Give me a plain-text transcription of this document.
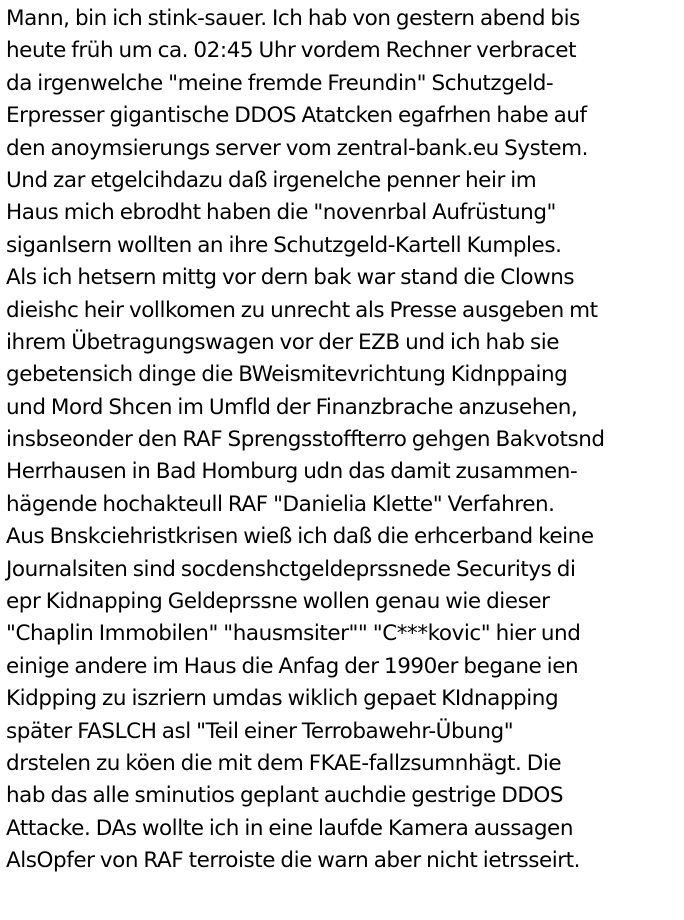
Mann, bin ich stink-sauer. Ich hab von gestern abend bis
heute früh um ca. 02:45 Uhr vordem Rechner verbracet
da irgenwelche "meine fremde Freundin" Schutzgeld-
Erpresser gigantische DDOS Atatcken egafrhen habe auf
den anoymsierungs server vom zentral-bank.eu System.
Und zar etgelcihdazu daß irgenelche penner heir im
Haus mich ebrodht haben die "novenrbal Aufrüstung"
siganlsern wollten an ihre Schutzgeld-Kartell Kumples.
Als ich hetsern mittg vor dern bak war stand die Clowns
dieishc heir vollkomen zu unrecht als Presse ausgeben mt
ihrem Übetragungswagen vor der EZB und ich hab sie
gebetensich dinge die BWeismitevrichtung Kidnppaing
und Mord Shcen im Umfld der Finanzbrache anzusehen,
insbseonder den RAF Sprengsstoffterro gehgen Bakvotsnd
Herrhausen in Bad Homburg udn das damit zusammen-
hägende hochakteull RAF "Danielia Klette" Verfahren.
Aus Bnskciehristkrisen wieß ich daß die erhcerband keine
Journalsiten sind socdenshctgeldeprssnede Securitys di
epr Kidnapping Geldeprssne wollen genau wie dieser
"Chaplin Immobilen" "hausmsiter"" "C***kovic" hier und
einige andere im Haus die Anfag der 1990er begane ien
Kidpping zu iszriern umdas wiklich gepaet KIdnapping
später FASLCH asl "Teil einer Terrobawehr-Übung"
drstelen zu köen die mit dem FKAE-fallzsumnhägt. Die
hab das alle sminutios geplant auchdie gestrige DDOS
Attacke. DAs wollte ich in eine laufde Kamera aussagen
AlsOpfer von RAF terroiste die warn aber nicht ietrsseirt.
